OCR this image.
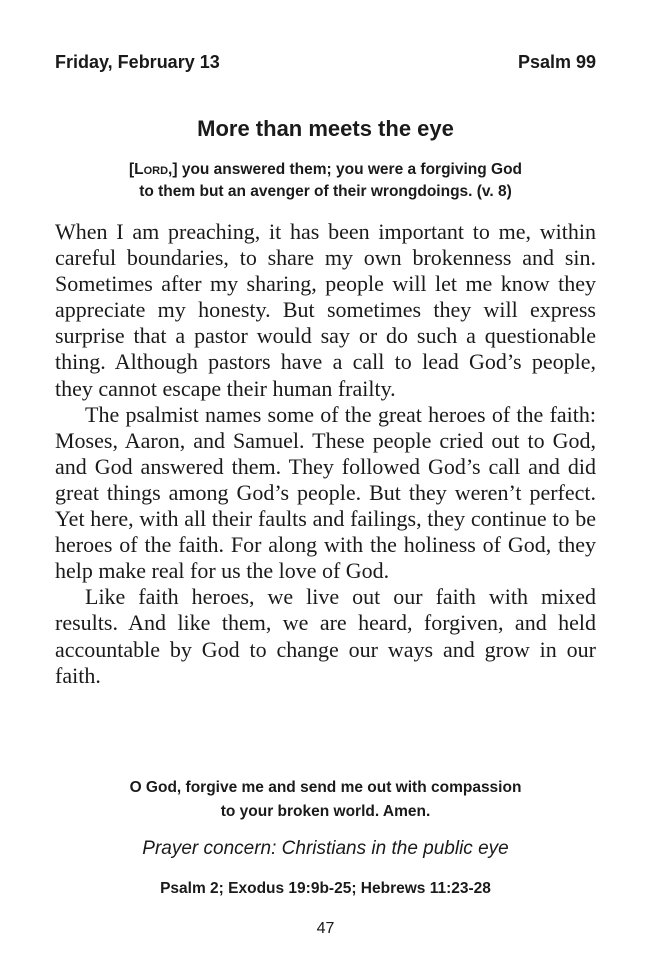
Friday, February 13	Psalm 99
More than meets the eye
[Lord,] you answered them; you were a forgiving God
to them but an avenger of their wrongdoings. (v. 8)

When I am preaching, it has been important to me, within careful boundaries, to share my own brokenness and sin. Sometimes after my sharing, people will let me know they appreciate my honesty. But sometimes they will express surprise that a pastor would say or do such a questionable thing. Although pastors have a call to lead God’s people, they cannot escape their human frailty.

The psalmist names some of the great heroes of the faith: Moses, Aaron, and Samuel. These people cried out to God, and God answered them. They followed God’s call and did great things among God’s people. But they weren’t perfect. Yet here, with all their faults and failings, they continue to be heroes of the faith. For along with the holiness of God, they help make real for us the love of God.

Like faith heroes, we live out our faith with mixed results. And like them, we are heard, forgiven, and held accountable by God to change our ways and grow in our faith.

O God, forgive me and send me out with compassion
to your broken world. Amen.
Prayer concern: Christians in the public eye
Psalm 2; Exodus 19:9b-25; Hebrews 11:23-28
47
